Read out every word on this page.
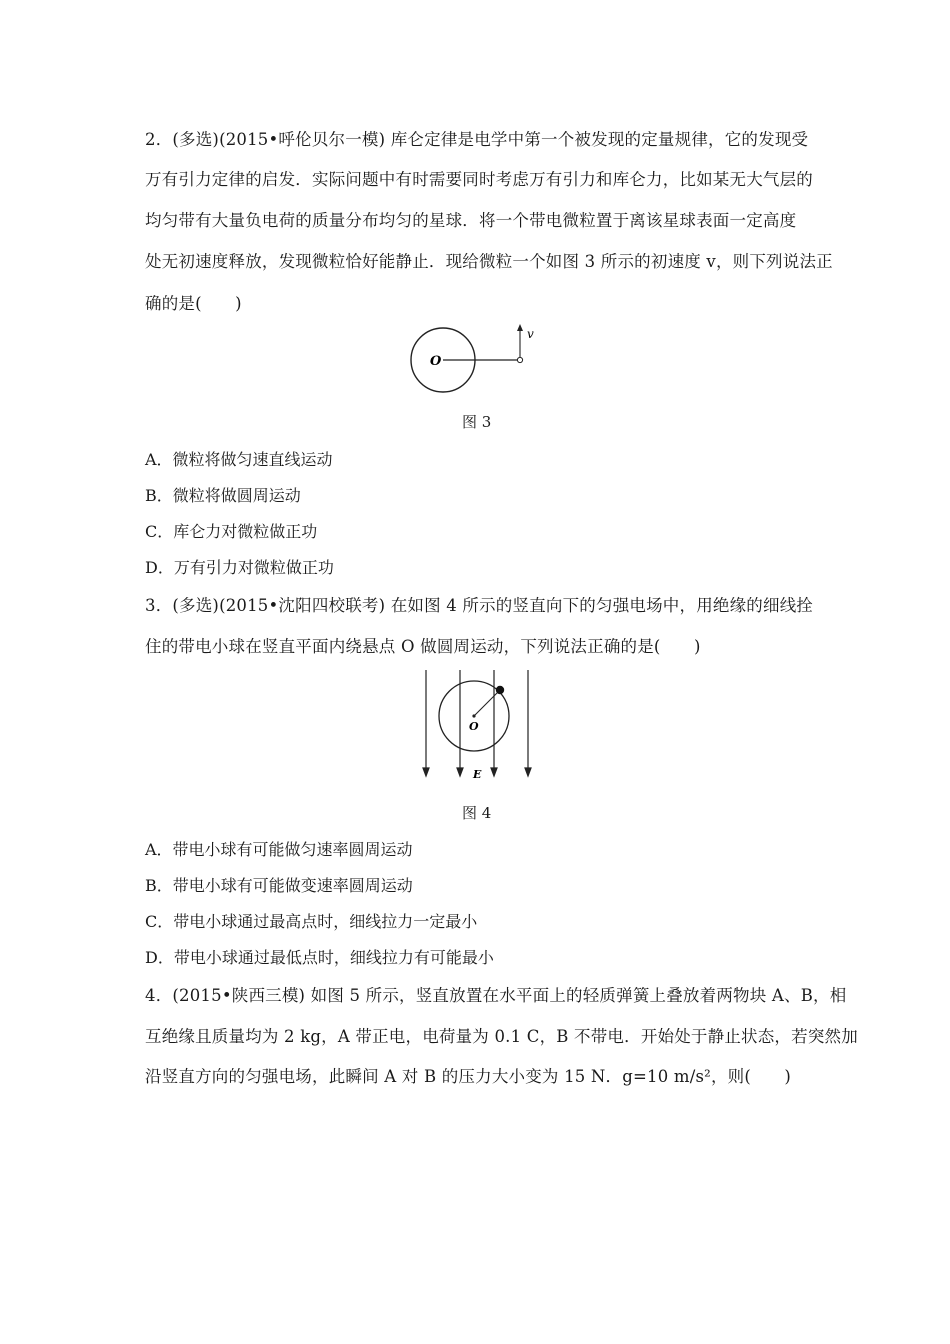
2．(多选)(2015•呼伦贝尔一模) 库仑定律是电学中第一个被发现的定量规律，它的发现受
万有引力定律的启发．实际问题中有时需要同时考虑万有引力和库仑力，比如某无大气层的
均匀带有大量负电荷的质量分布均匀的星球．将一个带电微粒置于离该星球表面一定高度
处无初速度释放，发现微粒恰好能静止．现给微粒一个如图 3 所示的初速度 v，则下列说法正
确的是(　　)
O
v
图 3
A．微粒将做匀速直线运动
B．微粒将做圆周运动
C．库仑力对微粒做正功
D．万有引力对微粒做正功
3．(多选)(2015•沈阳四校联考) 在如图 4 所示的竖直向下的匀强电场中，用绝缘的细线拴
住的带电小球在竖直平面内绕悬点 O 做圆周运动，下列说法正确的是(　　)
O
E
图 4
A．带电小球有可能做匀速率圆周运动
B．带电小球有可能做变速率圆周运动
C．带电小球通过最高点时，细线拉力一定最小
D．带电小球通过最低点时，细线拉力有可能最小
4．(2015•陕西三模) 如图 5 所示，竖直放置在水平面上的轻质弹簧上叠放着两物块 A、B，相
互绝缘且质量均为 2 kg，A 带正电，电荷量为 0.1 C，B 不带电．开始处于静止状态，若突然加
沿竖直方向的匀强电场，此瞬间 A 对 B 的压力大小变为 15 N．g=10 m/s²，则(　　)
